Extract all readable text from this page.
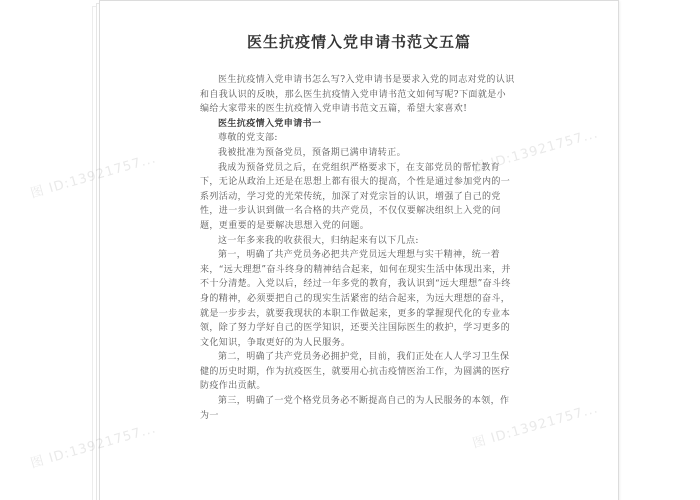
医生抗疫情入党申请书范文五篇

医生抗疫情入党申请书怎么写?入党申请书是要求入党的同志对党的认识和自我认识的反映，那么医生抗疫情入党申请书范文如何写呢?下面就是小编给大家带来的医生抗疫情入党申请书范文五篇，希望大家喜欢!

医生抗疫情入党申请书一

尊敬的党支部:

我被批准为预备党员，预备期已满申请转正。

我成为预备党员之后，在党组织严格要求下，在支部党员的帮忙教育下，无论从政治上还是在思想上都有很大的提高，个性是通过参加党内的一系列活动，学习党的光荣传统，加深了对党宗旨的认识，增强了自己的党性，进一步认识到做一名合格的共产党员，不仅仅要解决组织上入党的问题，更重要的是要解决思想入党的问题。

这一年多来我的收获很大，归纳起来有以下几点:

第一，明确了共产党员务必把共产党员远大理想与实干精神，统一着来，“远大理想”奋斗终身的精神结合起来，如何在现实生活中体现出来，并不十分清楚。入党以后，经过一年多党的教育，我认识到“远大理想”奋斗终身的精神，必须要把自己的现实生活紧密的结合起来，为远大理想的奋斗，就是一步步去，就要我现状的本职工作做起来，更多的掌握现代化的专业本领，除了努力学好自己的医学知识，还要关注国际医生的救护，学习更多的文化知识，争取更好的为人民服务。

第二，明确了共产党员务必拥护党，目前，我们正处在人人学习卫生保健的历史时期，作为抗疫医生，就要用心抗击疫情医治工作，为圆满的医疗防疫作出贡献。

第三，明确了一党个格党员务必不断提高自己的为人民服务的本领，作为一

图
图
